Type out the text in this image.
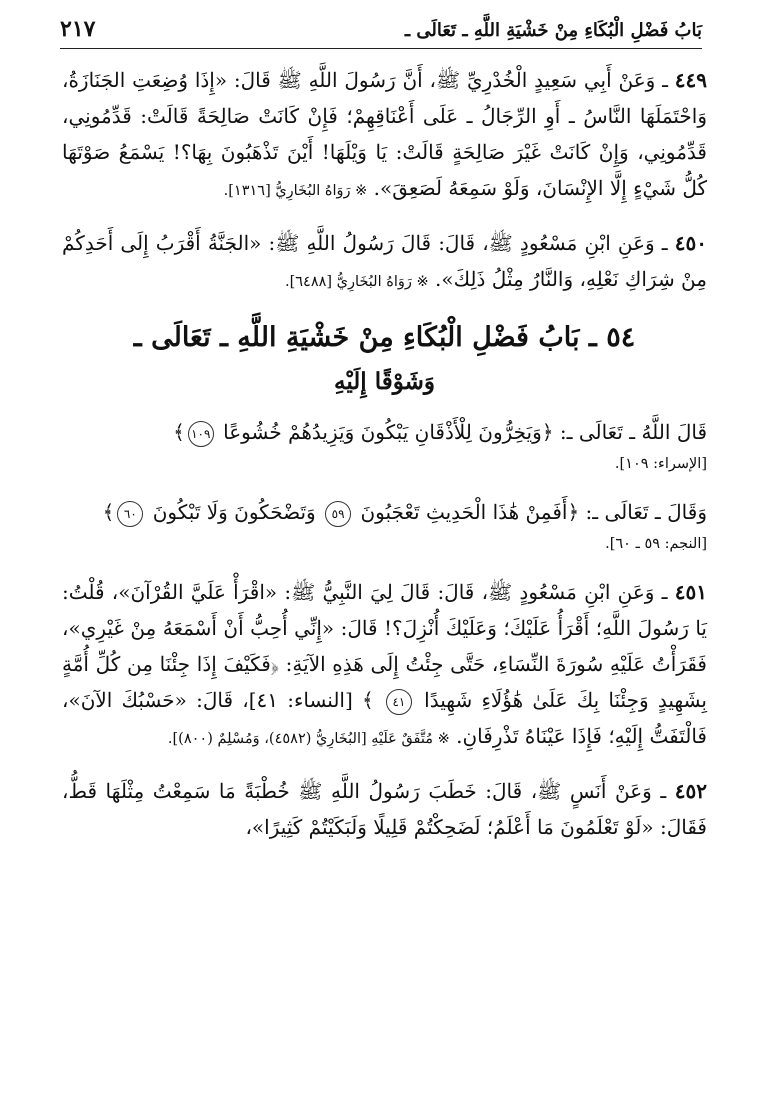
بَابُ فَضْلِ الْبُكَاءِ مِنْ خَشْيَةِ اللَّهِ ـ تَعَالَى ـ
٢١٧

٤٤٩ ـ وَعَنْ أَبِي سَعِيدٍ الْخُدْرِيِّ ﷺ، أَنَّ رَسُولَ اللَّهِ ﷺ قَالَ: «إِذَا وُضِعَتِ الجَنَازَةُ، وَاحْتَمَلَهَا النَّاسُ ـ أَوِ الرِّجَالُ ـ عَلَى أَعْنَاقِهِمْ؛ فَإِنْ كَانَتْ صَالِحَةً قَالَتْ: قَدِّمُونِي، قَدِّمُونِي، وَإِنْ كَانَتْ غَيْرَ صَالِحَةٍ قَالَتْ: يَا وَيْلَهَا! أَيْنَ تَذْهَبُونَ بِهَا؟! يَسْمَعُ صَوْتَهَا كُلُّ شَيْءٍ إِلَّا الإِنْسَانَ، وَلَوْ سَمِعَهُ لَصَعِقَ». ※ رَوَاهُ البُخَارِيُّ [١٣١٦].

٤٥٠ ـ وَعَنِ ابْنِ مَسْعُودٍ ﷺ، قَالَ: قَالَ رَسُولُ اللَّهِ ﷺ: «الجَنَّةُ أَقْرَبُ إِلَى أَحَدِكُمْ مِنْ شِرَاكِ نَعْلِهِ، وَالنَّارُ مِثْلُ ذَلِكَ». ※ رَوَاهُ البُخَارِيُّ [٦٤٨٨].

٥٤ ـ بَابُ فَضْلِ الْبُكَاءِ مِنْ خَشْيَةِ اللَّهِ ـ تَعَالَى ـ
وَشَوْقًا إِلَيْهِ

قَالَ اللَّهُ ـ تَعَالَى ـ: ﴿وَيَخِرُّونَ لِلْأَذْقَانِ يَبْكُونَ وَيَزِيدُهُمْ خُشُوعًا ١٠٩﴾
[الإسراء: ١٠٩].

وَقَالَ ـ تَعَالَى ـ: ﴿أَفَمِنْ هَٰذَا الْحَدِيثِ تَعْجَبُونَ ٥٩ وَتَضْحَكُونَ وَلَا تَبْكُونَ ٦٠﴾
[النجم: ٥٩ ـ ٦٠].

٤٥١ ـ وَعَنِ ابْنِ مَسْعُودٍ ﷺ، قَالَ: قَالَ لِيَ النَّبِيُّ ﷺ: «اقْرَأْ عَلَيَّ القُرْآنَ»، قُلْتُ: يَا رَسُولَ اللَّهِ؛ أَقْرَأُ عَلَيْكَ؛ وَعَلَيْكَ أُنْزِلَ؟! قَالَ: «إِنِّي أُحِبُّ أَنْ أَسْمَعَهُ مِنْ غَيْرِي»، فَقَرَأْتُ عَلَيْهِ سُورَةَ النِّسَاءِ، حَتَّى جِئْتُ إِلَى هَذِهِ الآيَةِ: ﴿فَكَيْفَ إِذَا جِئْنَا مِن كُلِّ أُمَّةٍ بِشَهِيدٍ وَجِئْنَا بِكَ عَلَىٰ هَٰؤُلَاءِ شَهِيدًا ٤١ ﴾ [النساء: ٤١]، قَالَ: «حَسْبُكَ الآنَ»، فَالْتَفَتُّ إِلَيْهِ؛ فَإِذَا عَيْنَاهُ تَذْرِفَانِ. ※ مُتَّفَقٌ عَلَيْهِ [البُخَارِيُّ (٤٥٨٢)، وَمُسْلِمٌ (٨٠٠)].

٤٥٢ ـ وَعَنْ أَنَسٍ ﷺ، قَالَ: خَطَبَ رَسُولُ اللَّهِ ﷺ خُطْبَةً مَا سَمِعْتُ مِثْلَهَا قَطُّ، فَقَالَ: «لَوْ تَعْلَمُونَ مَا أَعْلَمُ؛ لَضَحِكْتُمْ قَلِيلًا وَلَبَكَيْتُمْ كَثِيرًا»،
